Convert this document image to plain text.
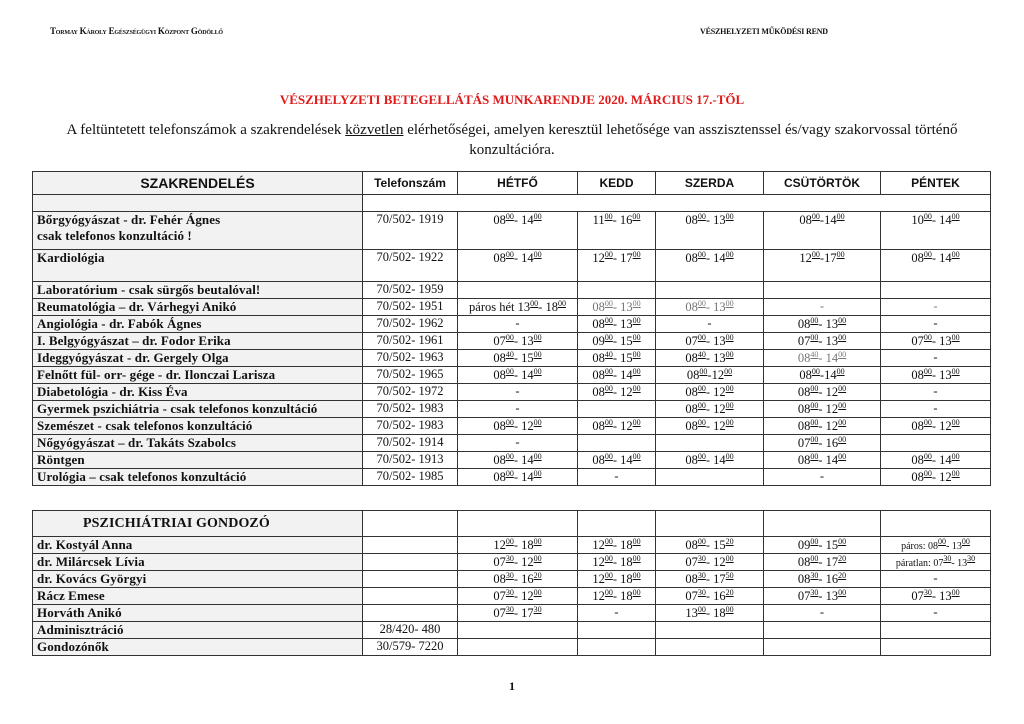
Tormay Károly Egészségügyi Központ Gödöllő	VÉSZHELYZETI MŰKÖDÉSI REND
VÉSZHELYZETI BETEGELLÁTÁS MUNKARENDJE 2020. MÁRCIUS 17.-TŐL
A feltüntetett telefonszámok a szakrendelések közvetlen elérhetőségei, amelyen keresztül lehetősége van asszisztenssel és/vagy szakorvossal történő konzultációra.
SZAKRENDELÉS	Telefonszám	HÉTFŐ	KEDD	SZERDA	CSÜTÖRTÖK	PÉNTEK

Bőrgyógyászat - dr. Fehér Ágnes
csak telefonos konzultáció !	70/502- 1919	$08^{00}-$ $14^{00}$	$11^{00}-$ $16^{00}$	$08^{00}-$ $13^{00}$	$08^{00}-14^{00}$	$10^{00}-$ $14^{00}$

Kardiológia	70/502- 1922	$08^{00}-$ $14^{00}$	$12^{00}-$ $17^{00}$	$08^{00}-$ $14^{00}$	$12^{00}-17^{00}$	$08^{00}-$ $14^{00}$

Laboratórium - csak sürgős beutalóval!	70/502- 1959					

Reumatológia – dr. Várhegyi Anikó	70/502- 1951	páros hét $13^{00}-$ $18^{00}$	$08^{00}-$ $13^{00}$	$08^{00}-$ $13^{00}$	-	-

Angiológia - dr. Fabók Ágnes	70/502- 1962	-	$08^{00}-$ $13^{00}$	-	$08^{00}-$ $13^{00}$	-

I. Belgyógyászat – dr. Fodor Erika	70/502- 1961	$07^{00}-$ $13^{00}$	$09^{00}-$ $15^{00}$	$07^{00}-$ $13^{00}$	$07^{00}-$ $13^{00}$	$07^{00}-$ $13^{00}$

Ideggyógyászat - dr. Gergely Olga	70/502- 1963	$08^{40}-$ $15^{00}$	$08^{40}-$ $15^{00}$	$08^{40}-$ $13^{00}$	$08^{40}-$ $14^{00}$	-

Felnőtt fül- orr- gége - dr. Ilonczai Larisza	70/502- 1965	$08^{00}-$ $14^{00}$	$08^{00}-$ $14^{00}$	$08^{00}-12^{00}$	$08^{00}-14^{00}$	$08^{00}-$ $13^{00}$

Diabetológia - dr. Kiss Éva	70/502- 1972	-	$08^{00}-$ $12^{00}$	$08^{00}-$ $12^{00}$	$08^{00}-$ $12^{00}$	-

Gyermek pszichiátria - csak telefonos konzultáció	70/502- 1983	-		$08^{00}-$ $12^{00}$	$08^{00}-$ $12^{00}$	-

Szemészet - csak telefonos konzultáció	70/502- 1983	$08^{00}-$ $12^{00}$	$08^{00}-$ $12^{00}$	$08^{00}-$ $12^{00}$	$08^{00}-$ $12^{00}$	$08^{00}-$ $12^{00}$

Nőgyógyászat – dr. Takáts Szabolcs	70/502- 1914	-			$07^{00}-$ $16^{00}$	

Röntgen	70/502- 1913	$08^{00}-$ $14^{00}$	$08^{00}-$ $14^{00}$	$08^{00}-$ $14^{00}$	$08^{00}-$ $14^{00}$	$08^{00}-$ $14^{00}$

Urológia – csak telefonos konzultáció	70/502- 1985	$08^{00}-$ $14^{00}$	-		-	$08^{00}-$ $12^{00}$
PSZICHIÁTRIAI GONDOZÓ						

dr. Kostyál Anna		$12^{00}-$ $18^{00}$	$12^{00}-$ $18^{00}$	$08^{00}-$ $15^{20}$	$09^{00}-$ $15^{00}$	páros: $08^{00}-$ $13^{00}$

dr. Milárcsek Lívia		$07^{30}-$ $12^{00}$	$12^{00}-$ $18^{00}$	$07^{30}-$ $12^{00}$	$08^{00}-$ $17^{20}$	páratlan: $07^{30}-$ $13^{30}$

dr. Kovács Györgyi		$08^{30}-$ $16^{20}$	$12^{00}-$ $18^{00}$	$08^{30}-$ $17^{50}$	$08^{30}-$ $16^{20}$	-

Rácz Emese		$07^{30}-$ $12^{00}$	$12^{00}-$ $18^{00}$	$07^{30}-$ $16^{20}$	$07^{30}-$ $13^{00}$	$07^{30}-$ $13^{00}$

Horváth Anikó		$07^{30}-$ $17^{30}$	-	$13^{00}-$ $18^{00}$	-	-

Adminisztráció	28/420- 480					

Gondozónők	30/579- 7220					
1
